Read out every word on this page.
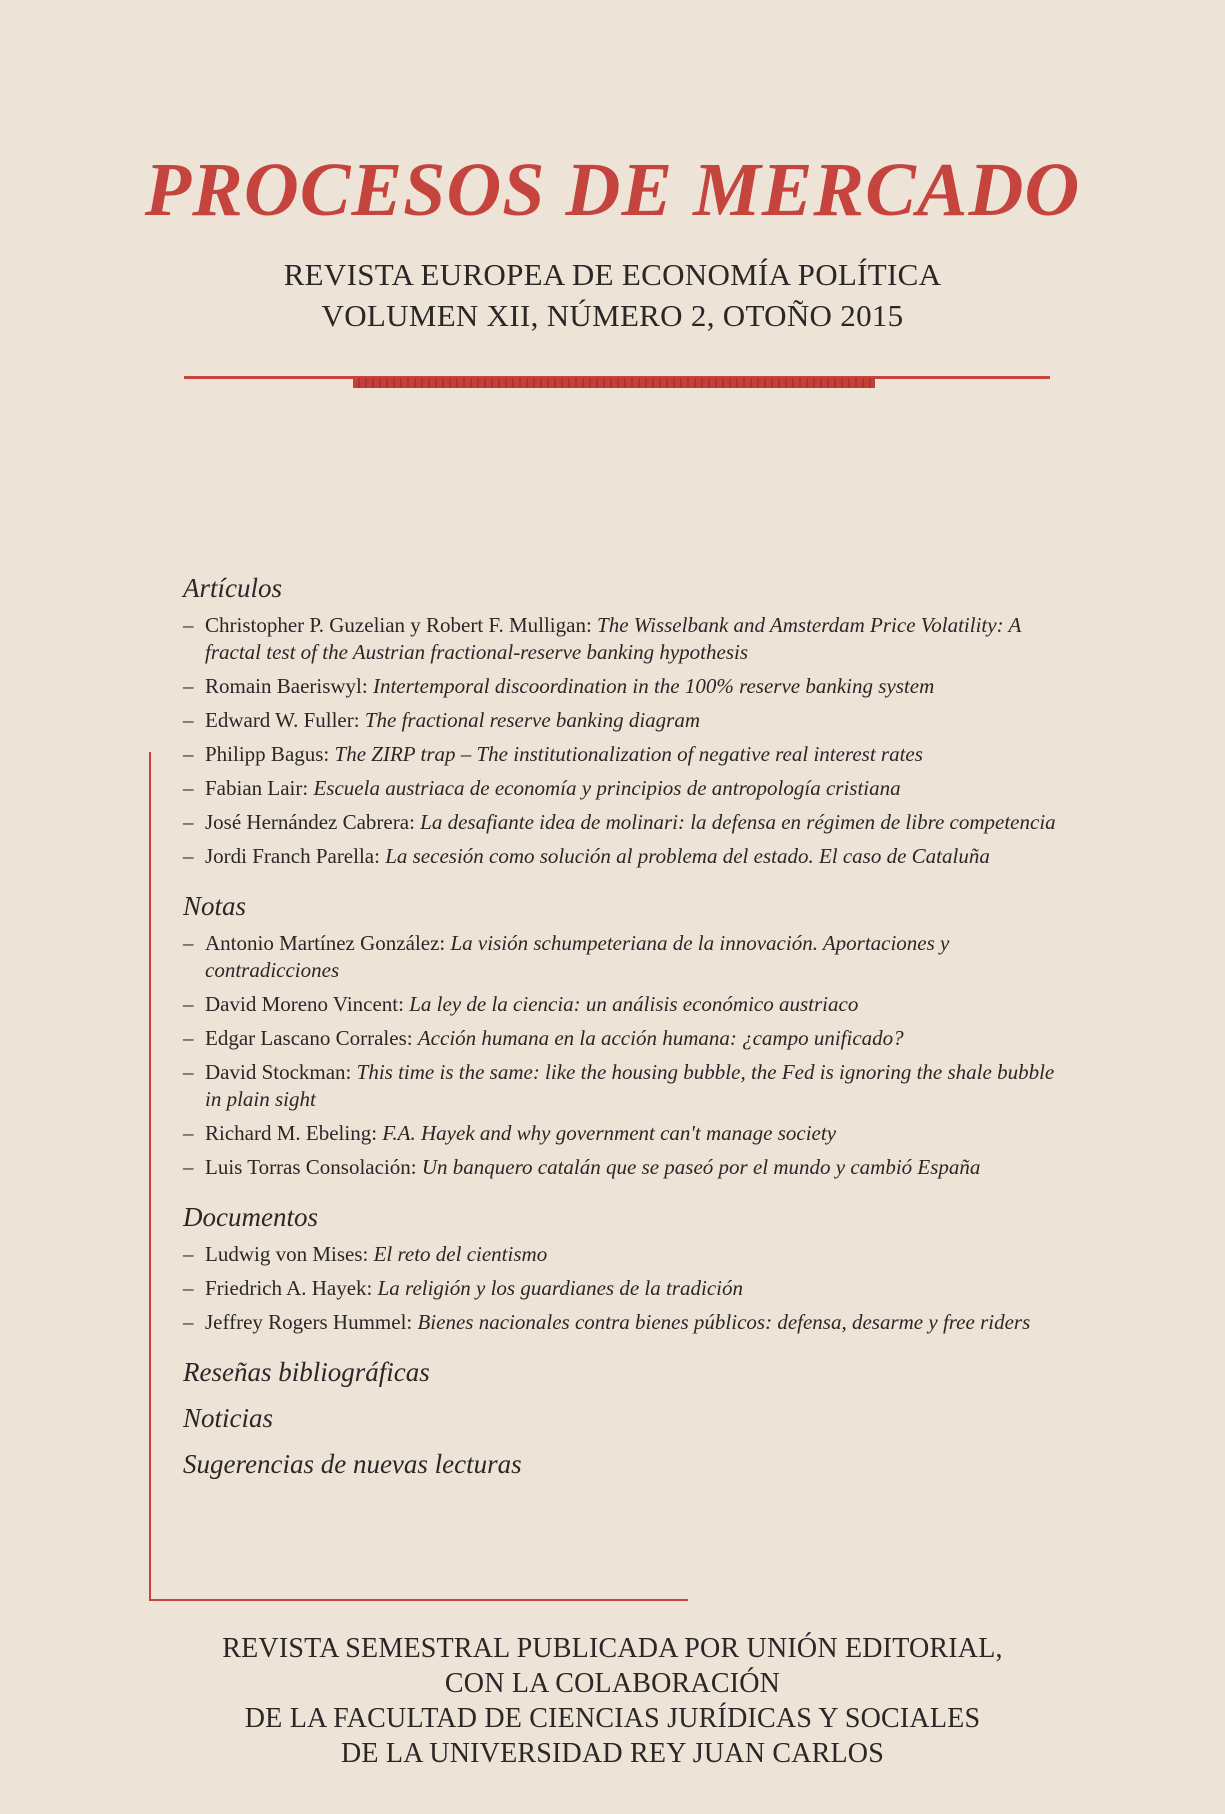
PROCESOS DE MERCADO
REVISTA EUROPEA DE ECONOMÍA POLÍTICA
VOLUMEN XII, NÚMERO 2, OTOÑO 2015
Artículos
– Christopher P. Guzelian y Robert F. Mulligan: The Wisselbank and Amsterdam Price Volatility: A fractal test of the Austrian fractional-reserve banking hypothesis
– Romain Baeriswyl: Intertemporal discoordination in the 100% reserve banking system
– Edward W. Fuller: The fractional reserve banking diagram
– Philipp Bagus: The ZIRP trap – The institutionalization of negative real interest rates
– Fabian Lair: Escuela austriaca de economía y principios de antropología cristiana
– José Hernández Cabrera: La desafiante idea de molinari: la defensa en régimen de libre competencia
– Jordi Franch Parella: La secesión como solución al problema del estado. El caso de Cataluña
Notas
– Antonio Martínez González: La visión schumpeteriana de la innovación. Aportaciones y contradicciones
– David Moreno Vincent: La ley de la ciencia: un análisis económico austriaco
– Edgar Lascano Corrales: Acción humana en la acción humana: ¿campo unificado?
– David Stockman: This time is the same: like the housing bubble, the Fed is ignoring the shale bubble in plain sight
– Richard M. Ebeling: F.A. Hayek and why government can't manage society
– Luis Torras Consolación: Un banquero catalán que se paseó por el mundo y cambió España
Documentos
– Ludwig von Mises: El reto del cientismo
– Friedrich A. Hayek: La religión y los guardianes de la tradición
– Jeffrey Rogers Hummel: Bienes nacionales contra bienes públicos: defensa, desarme y free riders
Reseñas bibliográficas
Noticias
Sugerencias de nuevas lecturas
REVISTA SEMESTRAL PUBLICADA POR UNIÓN EDITORIAL,
CON LA COLABORACIÓN
DE LA FACULTAD DE CIENCIAS JURÍDICAS Y SOCIALES
DE LA UNIVERSIDAD REY JUAN CARLOS
